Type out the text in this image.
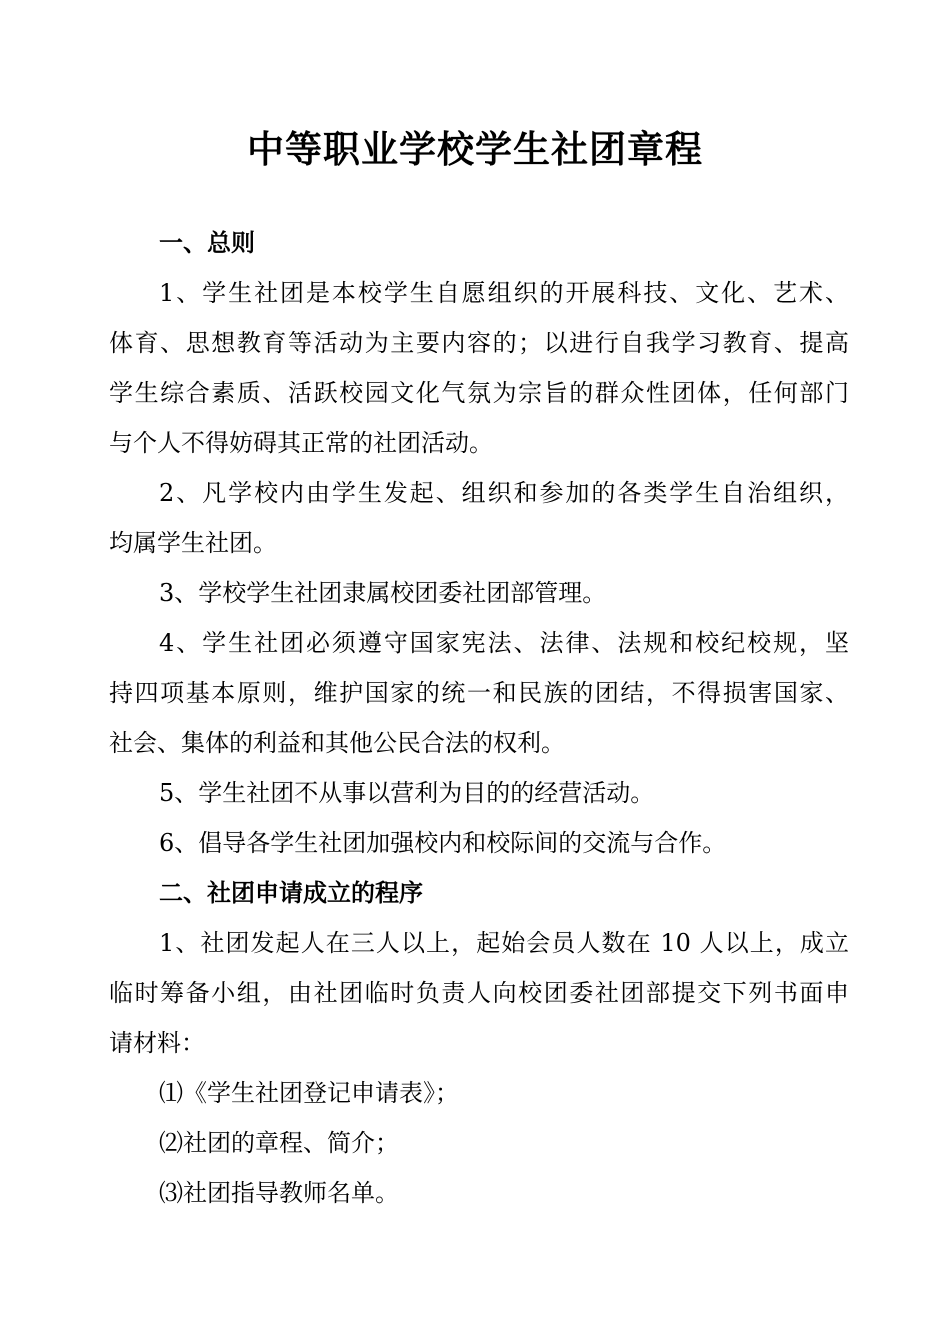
中等职业学校学生社团章程
一、总则
1、学生社团是本校学生自愿组织的开展科技、文化、艺术、
体育、思想教育等活动为主要内容的；以进行自我学习教育、提高
学生综合素质、活跃校园文化气氛为宗旨的群众性团体，任何部门
与个人不得妨碍其正常的社团活动。
2、凡学校内由学生发起、组织和参加的各类学生自治组织，
均属学生社团。
3、学校学生社团隶属校团委社团部管理。
4、学生社团必须遵守国家宪法、法律、法规和校纪校规，坚
持四项基本原则，维护国家的统一和民族的团结，不得损害国家、
社会、集体的利益和其他公民合法的权利。
5、学生社团不从事以营利为目的的经营活动。
6、倡导各学生社团加强校内和校际间的交流与合作。
二、社团申请成立的程序
1、社团发起人在三人以上，起始会员人数在 10 人以上，成立
临时筹备小组，由社团临时负责人向校团委社团部提交下列书面申
请材料：
⑴《学生社团登记申请表》；
⑵社团的章程、简介；
⑶社团指导教师名单。
